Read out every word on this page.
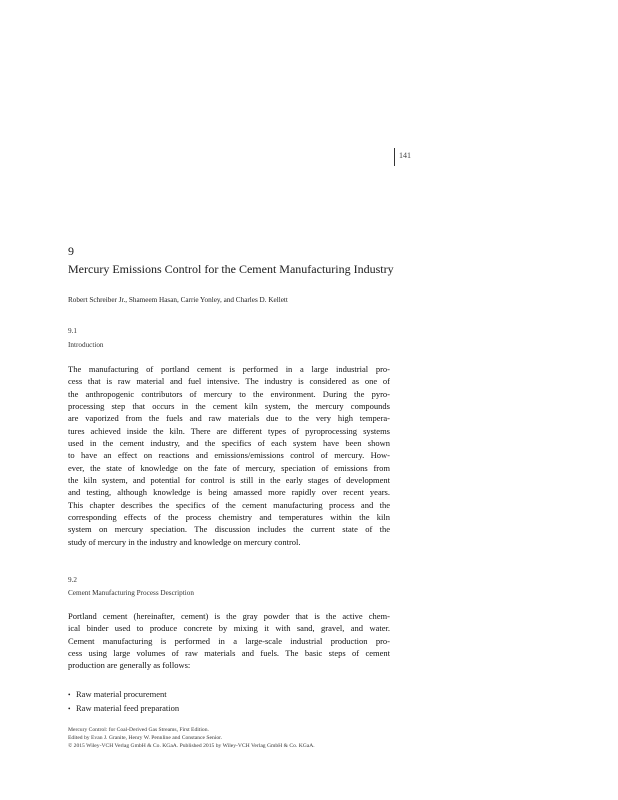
141
9
Mercury Emissions Control for the Cement Manufacturing Industry
Robert Schreiber Jr., Shameem Hasan, Carrie Yonley, and Charles D. Kellett
9.1
Introduction
The manufacturing of portland cement is performed in a large industrial pro-
cess that is raw material and fuel intensive. The industry is considered as one of
the anthropogenic contributors of mercury to the environment. During the pyro-
processing step that occurs in the cement kiln system, the mercury compounds
are vaporized from the fuels and raw materials due to the very high tempera-
tures achieved inside the kiln. There are different types of pyroprocessing systems
used in the cement industry, and the specifics of each system have been shown
to have an effect on reactions and emissions/emissions control of mercury. How-
ever, the state of knowledge on the fate of mercury, speciation of emissions from
the kiln system, and potential for control is still in the early stages of development
and testing, although knowledge is being amassed more rapidly over recent years.
This chapter describes the specifics of the cement manufacturing process and the
corresponding effects of the process chemistry and temperatures within the kiln
system on mercury speciation. The discussion includes the current state of the
study of mercury in the industry and knowledge on mercury control.
9.2
Cement Manufacturing Process Description
Portland cement (hereinafter, cement) is the gray powder that is the active chem-
ical binder used to produce concrete by mixing it with sand, gravel, and water.
Cement manufacturing is performed in a large-scale industrial production pro-
cess using large volumes of raw materials and fuels. The basic steps of cement
production are generally as follows:
• Raw material procurement
• Raw material feed preparation
Mercury Control: for Coal-Derived Gas Streams, First Edition.
Edited by Evan J. Granite, Henry W. Pennline and Constance Senior.
© 2015 Wiley-VCH Verlag GmbH & Co. KGaA. Published 2015 by Wiley-VCH Verlag GmbH & Co. KGaA.
